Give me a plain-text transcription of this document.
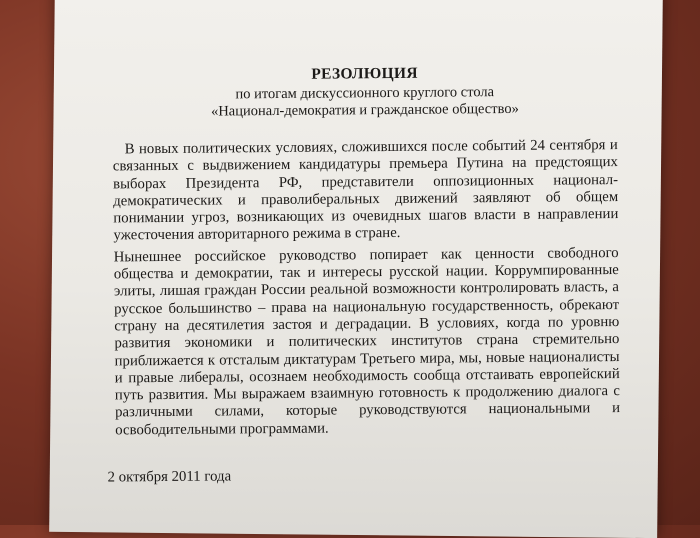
РЕЗОЛЮЦИЯ
по итогам дискуссионного круглого стола
«Национал-демократия и гражданское общество»

В новых политических условиях, сложившихся после событий 24 сентября и связанных с выдвижением кандидатуры премьера Путина на предстоящих выборах Президента РФ, представители оппозиционных национал-демократических и праволиберальных движений заявляют об общем понимании угроз, возникающих из очевидных шагов власти в направлении ужесточения авторитарного режима в стране.

Нынешнее российское руководство попирает как ценности свободного общества и демократии, так и интересы русской нации. Коррумпированные элиты, лишая граждан России реальной возможности контролировать власть, а русское большинство – права на национальную государственность, обрекают страну на десятилетия застоя и деградации. В условиях, когда по уровню развития экономики и политических институтов страна стремительно приближается к отсталым диктатурам Третьего мира, мы, новые националисты и правые либералы, осознаем необходимость сообща отстаивать европейский путь развития. Мы выражаем взаимную готовность к продолжению диалога с различными силами, которые руководствуются национальными и освободительными программами.

2 октября 2011 года
